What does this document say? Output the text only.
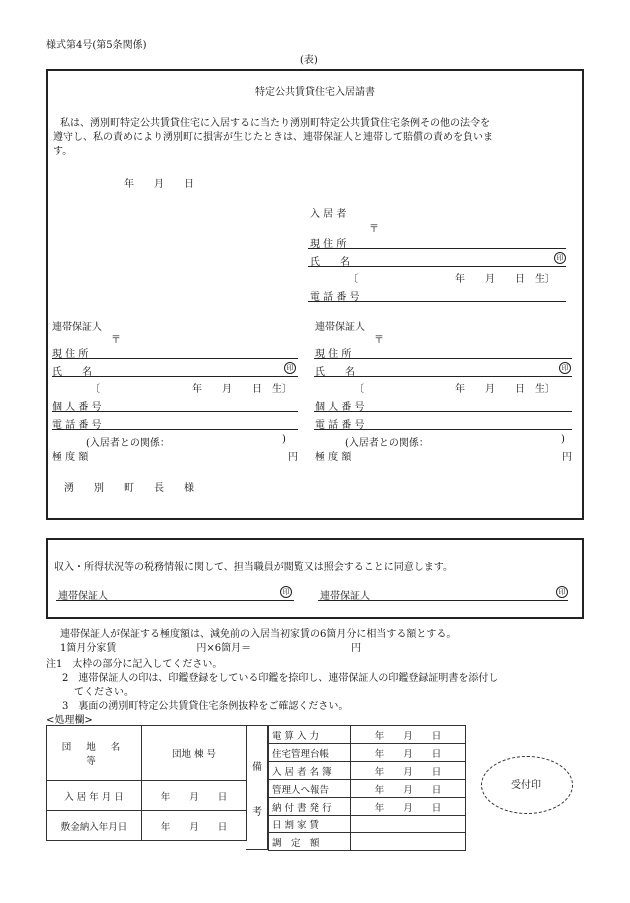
様式第4号(第5条関係)
(表)
特定公共賃貸住宅入居請書
私は、湧別町特定公共賃貸住宅に入居するに当たり湧別町特定公共賃貸住宅条例その他の法令を
遵守し、私の責めにより湧別町に損害が生じたときは、連帯保証人と連帯して賠償の責めを負いま
す。
年　　月　　日
入 居 者
〒
現 住 所
氏　　名	印
〔	年　　月　　日　生〕
電 話 番 号
連帯保証人
〒
現 住 所
氏　　名	印
〔	年　　月　　日　生〕
個 人 番 号
電 話 番 号
(入居者との関係：	)
極 度 額	円
連帯保証人
〒
現 住 所
氏　　名	印
〔	年　　月　　日　生〕
個 人 番 号
電 話 番 号
(入居者との関係：	)
極 度 額	円
湧　　別　　町　　長　　様
収入・所得状況等の税務情報に関して、担当職員が閲覧又は照会することに同意します。
連帯保証人	印	連帯保証人	印
連帯保証人が保証する極度額は、減免前の入居当初家賃の6箇月分に相当する額とする。
1箇月分家賃　　　　　　　　円×6箇月＝　　　　　　　　　　円
注1　太枠の部分に記入してください。
2　連帯保証人の印は、印鑑登録をしている印鑑を捺印し、連帯保証人の印鑑登録証明書を添付し
てください。
3　裏面の湧別町特定公共賃貸住宅条例抜粋をご確認ください。
<処理欄>
団 地 名 等	団地 棟 号
入 居 年 月 日	年　　月　　日
敷金納入年月日	年　　月　　日
備
考
電 算 入 力	年　　月　　日
住宅管理台帳	年　　月　　日
入 居 者 名 簿	年　　月　　日
管理人へ報告	年　　月　　日
納 付 書 発 行	年　　月　　日
日 割 家 賃	
調　定　額	
受付印
